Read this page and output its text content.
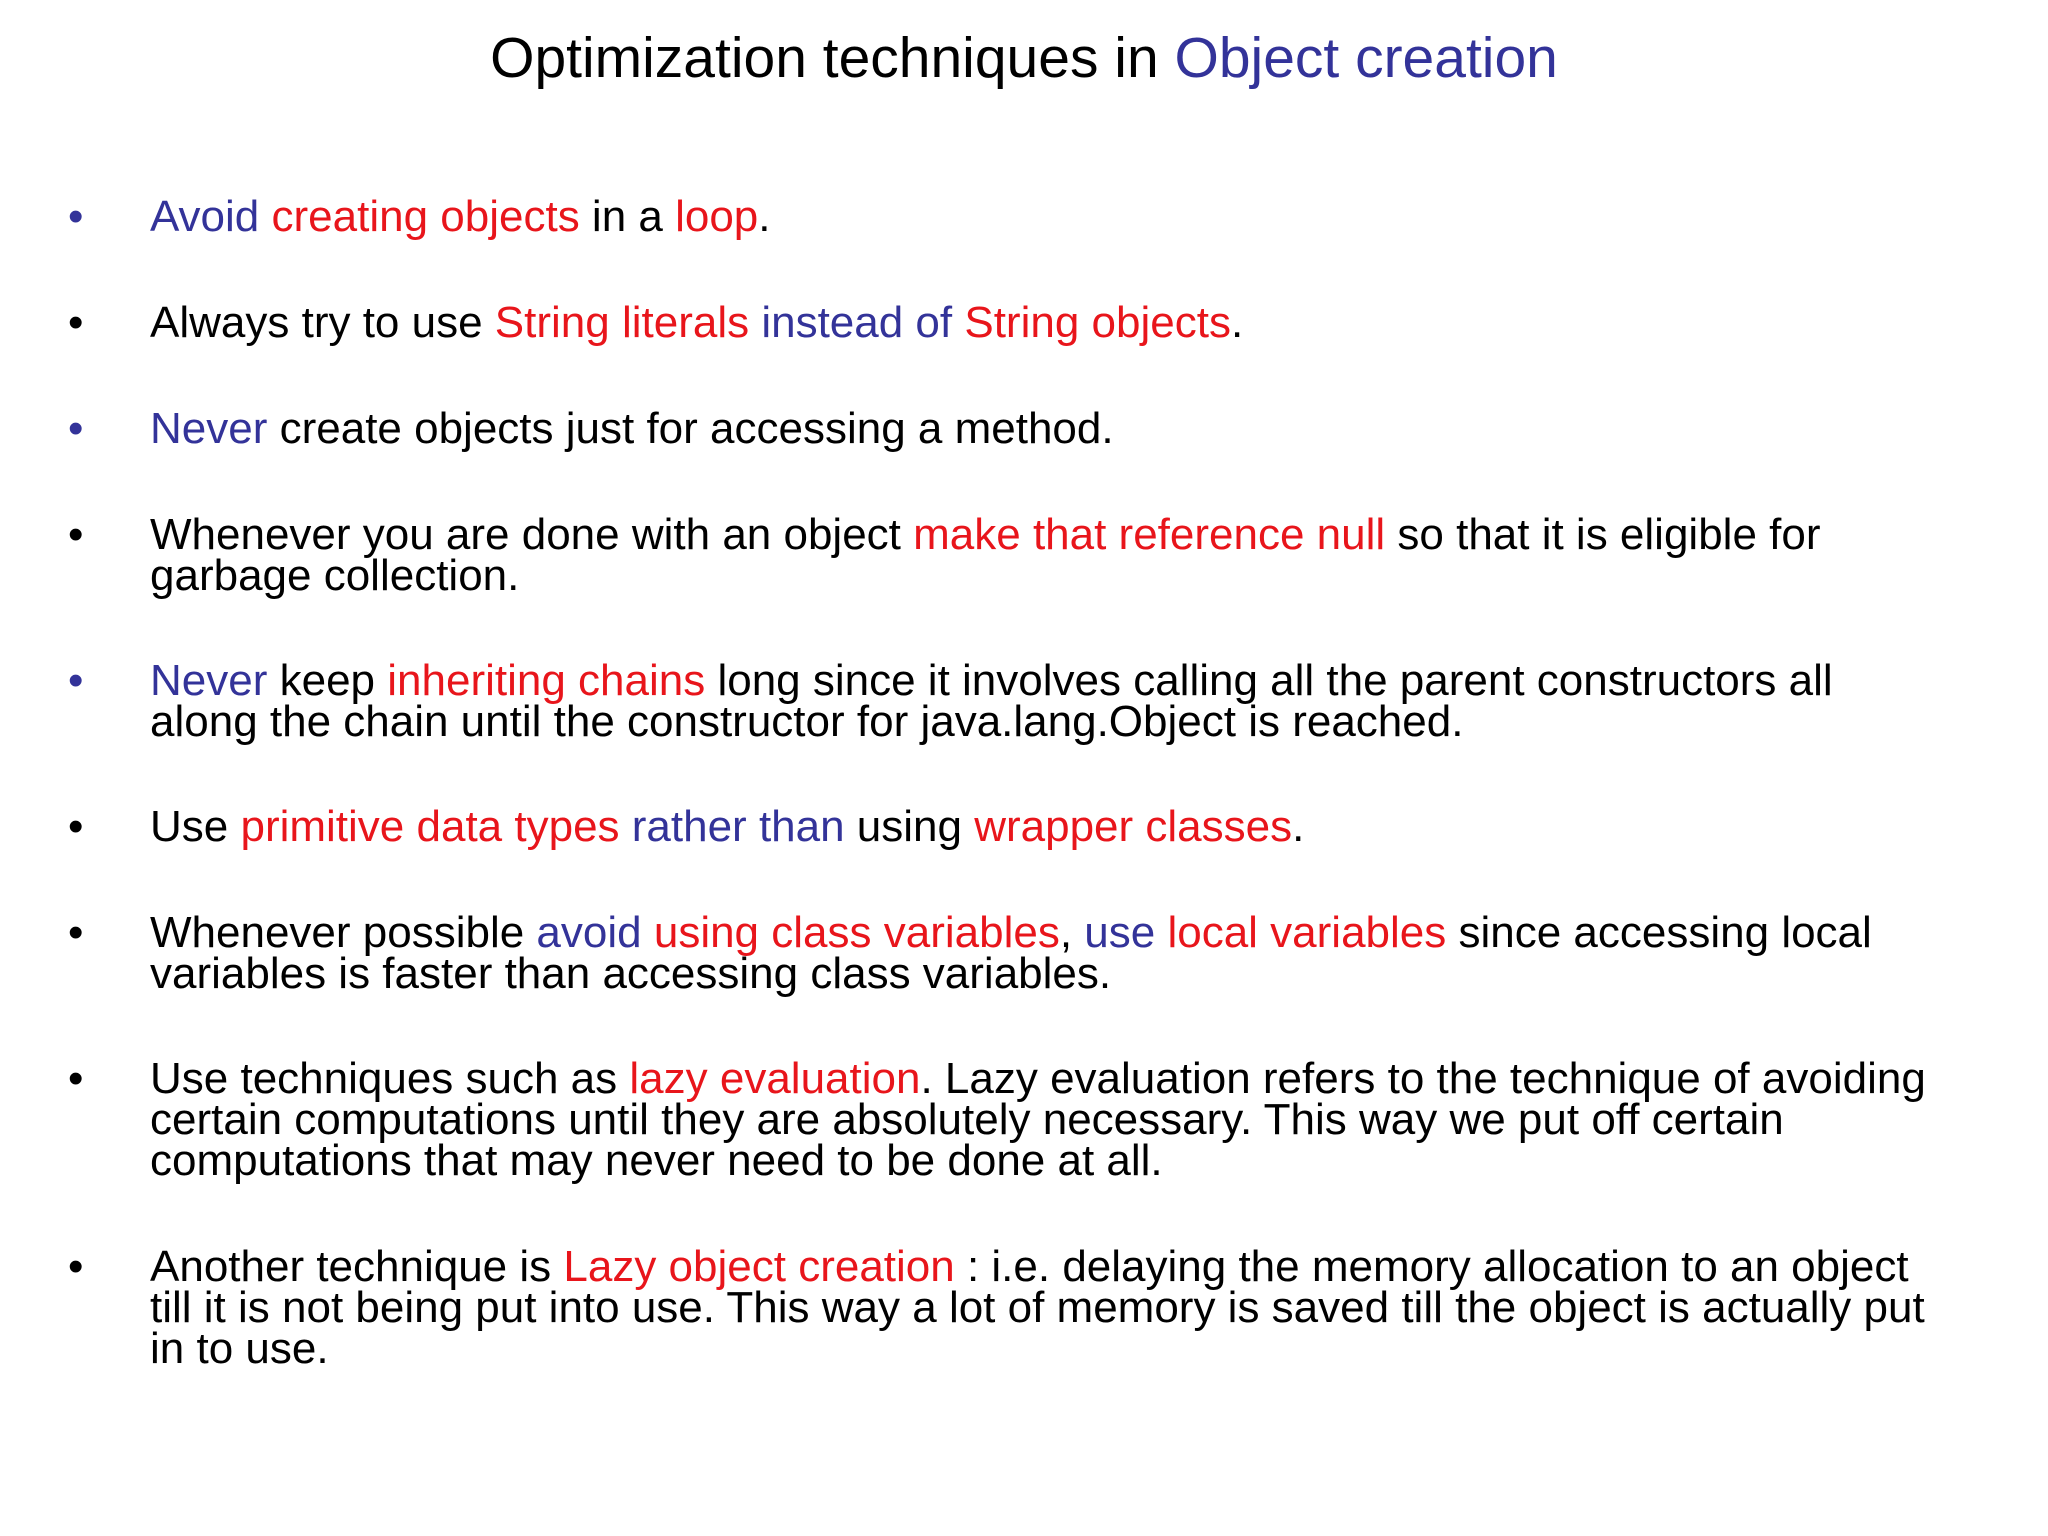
Optimization techniques in Object creation
• Avoid creating objects in a loop.
• Always try to use String literals instead of String objects.
• Never create objects just for accessing a method.
• Whenever you are done with an object make that reference null so that it is eligible for
garbage collection.
• Never keep inheriting chains long since it involves calling all the parent constructors all
along the chain until the constructor for java.lang.Object is reached.
• Use primitive data types rather than using wrapper classes.
• Whenever possible avoid using class variables, use local variables since accessing local
variables is faster than accessing class variables.
• Use techniques such as lazy evaluation. Lazy evaluation refers to the technique of avoiding
certain computations until they are absolutely necessary. This way we put off certain
computations that may never need to be done at all.
• Another technique is Lazy object creation : i.e. delaying the memory allocation to an object
till it is not being put into use. This way a lot of memory is saved till the object is actually put
in to use.
